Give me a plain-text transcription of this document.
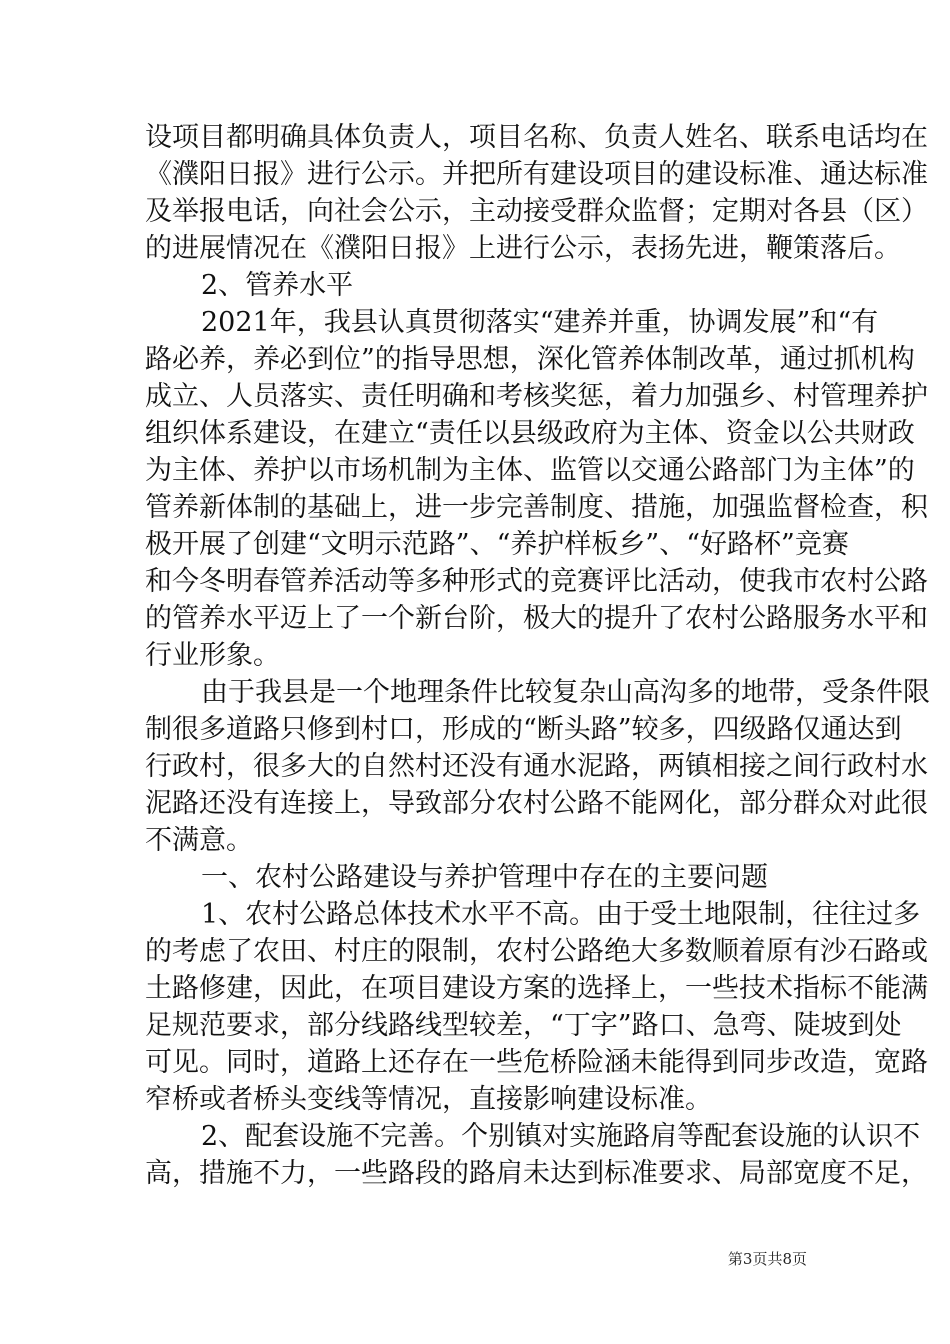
设项目都明确具体负责人，项目名称、负责人姓名、联系电话均在
《濮阳日报》进行公示。并把所有建设项目的建设标准、通达标准
及举报电话，向社会公示，主动接受群众监督；定期对各县（区）
的进展情况在《濮阳日报》上进行公示，表扬先进，鞭策落后。
2、管养水平
2021年，我县认真贯彻落实“建养并重，协调发展”和“有
路必养，养必到位”的指导思想，深化管养体制改革，通过抓机构
成立、人员落实、责任明确和考核奖惩，着力加强乡、村管理养护
组织体系建设，在建立“责任以县级政府为主体、资金以公共财政
为主体、养护以市场机制为主体、监管以交通公路部门为主体”的
管养新体制的基础上，进一步完善制度、措施，加强监督检查，积
极开展了创建“文明示范路”、“养护样板乡”、“好路杯”竞赛
和今冬明春管养活动等多种形式的竞赛评比活动，使我市农村公路
的管养水平迈上了一个新台阶，极大的提升了农村公路服务水平和
行业形象。
由于我县是一个地理条件比较复杂山高沟多的地带，受条件限
制很多道路只修到村口，形成的“断头路”较多，四级路仅通达到
行政村，很多大的自然村还没有通水泥路，两镇相接之间行政村水
泥路还没有连接上，导致部分农村公路不能网化，部分群众对此很
不满意。
一、农村公路建设与养护管理中存在的主要问题
1、农村公路总体技术水平不高。由于受土地限制，往往过多
的考虑了农田、村庄的限制，农村公路绝大多数顺着原有沙石路或
土路修建，因此，在项目建设方案的选择上，一些技术指标不能满
足规范要求，部分线路线型较差，“丁字”路口、急弯、陡坡到处
可见。同时，道路上还存在一些危桥险涵未能得到同步改造，宽路
窄桥或者桥头变线等情况，直接影响建设标准。
2、配套设施不完善。个别镇对实施路肩等配套设施的认识不
高，措施不力，一些路段的路肩未达到标准要求、局部宽度不足，
第3页共8页
